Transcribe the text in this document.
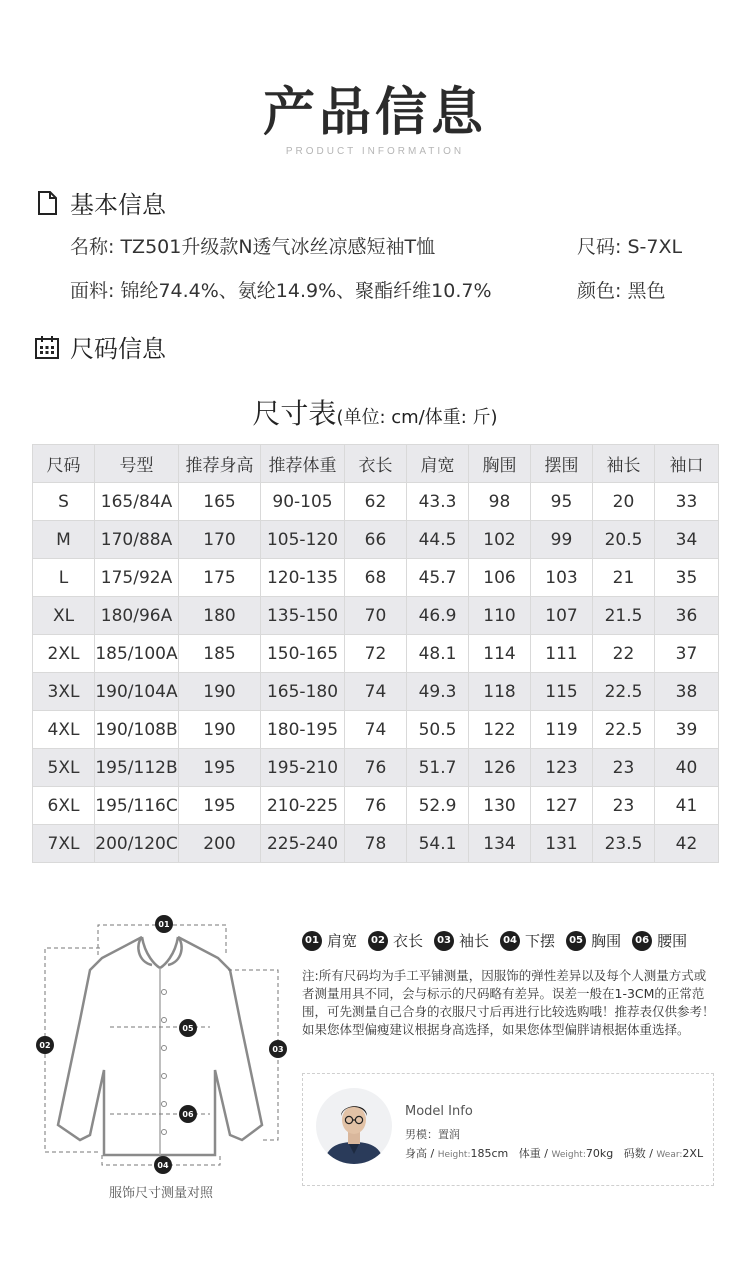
产品信息
PRODUCT INFORMATION
基本信息
名称: TZ501升级款N透气冰丝凉感短袖T恤	尺码: S-7XL
面料: 锦纶74.4%、氨纶14.9%、聚酯纤维10.7%	颜色: 黑色
尺码信息
尺寸表(单位: cm/体重: 斤)
尺码	号型	推荐身高	推荐体重	衣长	肩宽	胸围	摆围	袖长	袖口
S	165/84A	165	90-105	62	43.3	98	95	20	33
M	170/88A	170	105-120	66	44.5	102	99	20.5	34
L	175/92A	175	120-135	68	45.7	106	103	21	35
XL	180/96A	180	135-150	70	46.9	110	107	21.5	36
2XL	185/100A	185	150-165	72	48.1	114	111	22	37
3XL	190/104A	190	165-180	74	49.3	118	115	22.5	38
4XL	190/108B	190	180-195	74	50.5	122	119	22.5	39
5XL	195/112B	195	195-210	76	51.7	126	123	23	40
6XL	195/116C	195	210-225	76	52.9	130	127	23	41
7XL	200/120C	200	225-240	78	54.1	134	131	23.5	42
01
02	03
04
05
06
服饰尺寸测量对照
01 肩宽	02 衣长	03 袖长	04 下摆	05 胸围	06 腰围
注:所有尺码均为手工平铺测量，因服饰的弹性差异以及每个人测量方式或者测量用具不同，会与标示的尺码略有差异。误差一般在1-3CM的正常范围，可先测量自己合身的衣服尺寸后再进行比较选购哦！推荐表仅供参考！如果您体型偏瘦建议根据身高选择，如果您体型偏胖请根据体重选择。
Model Info
男模：置润
身高 / Height:185cm 体重 / Weight:70kg 码数 / Wear:2XL
